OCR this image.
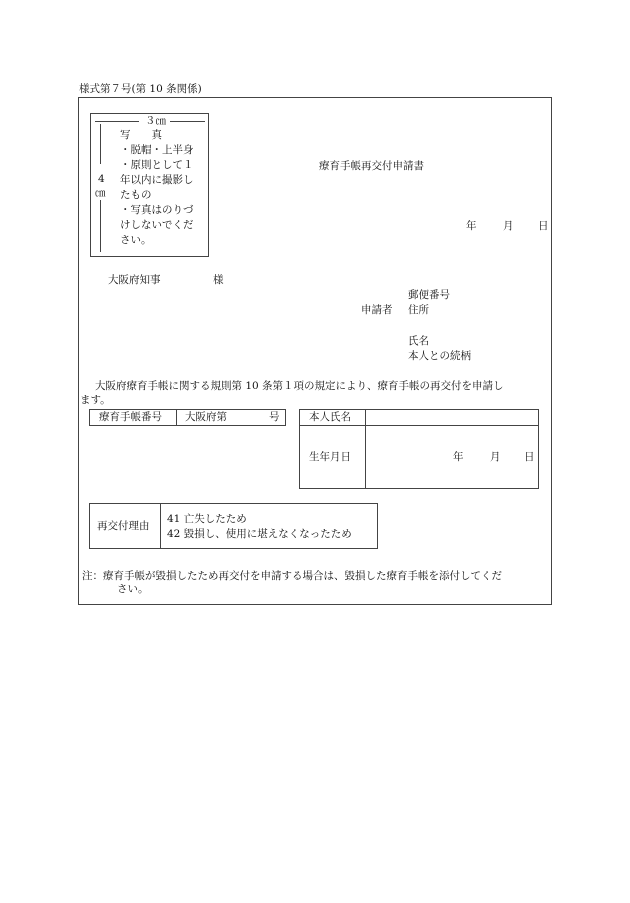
様式第７号(第 10 条関係)
３㎝
4
㎝
写　　真
・脱帽・上半身
・原則として１
年以内に撮影し
たもの
・写真はのりづ
けしないでくだ
さい。
療育手帳再交付申請書
年	月 日
大阪府知事	様
郵便番号
申請者 住所
氏名
本人との続柄
大阪府療育手帳に関する規則第 10 条第１項の規定により、療育手帳の再交付を申請し
ます。
療育手帳番号 大阪府第	号	本人氏名
生年月日	年	月 日
再交付理由
41 亡失したため
42 毀損し、使用に堪えなくなったため
注：療育手帳が毀損したため再交付を申請する場合は、毀損した療育手帳を添付してくだ
さい。
